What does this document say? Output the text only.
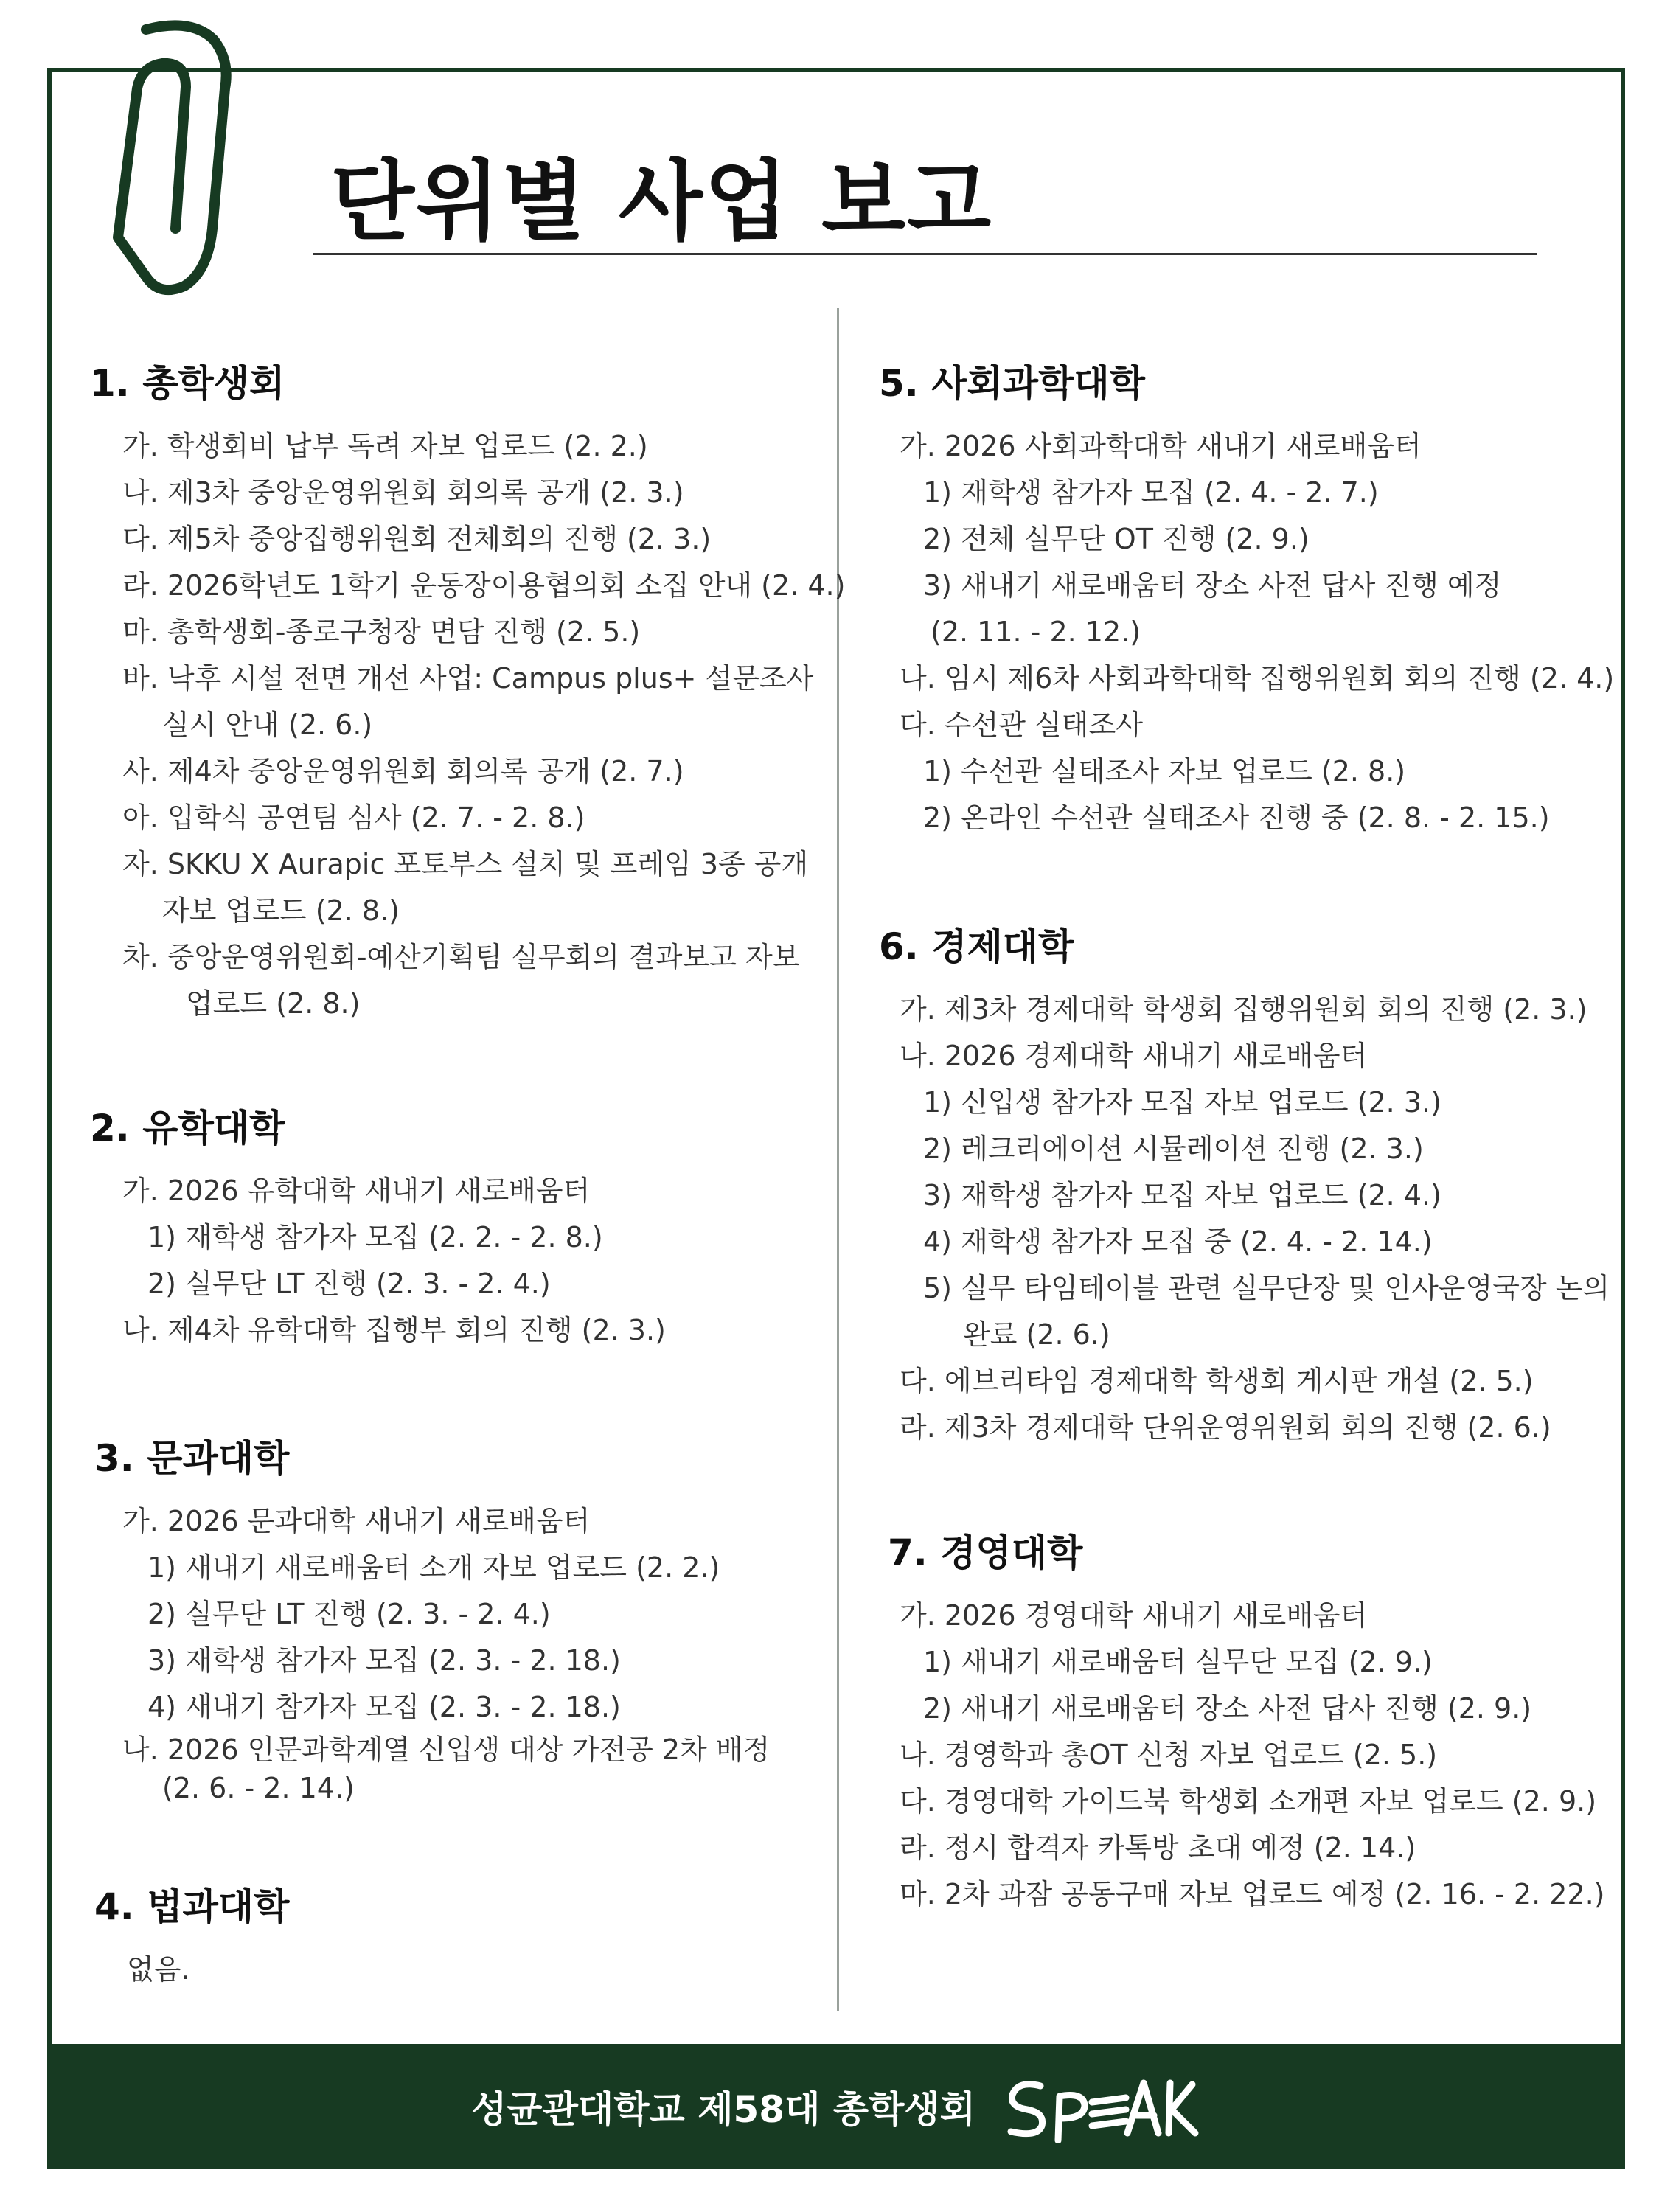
단위별 사업 보고
1. 총학생회
가. 학생회비 납부 독려 자보 업로드 (2. 2.)
나. 제3차 중앙운영위원회 회의록 공개 (2. 3.)
다. 제5차 중앙집행위원회 전체회의 진행 (2. 3.)
라. 2026학년도 1학기 운동장이용협의회 소집 안내 (2. 4.)
마. 총학생회-종로구청장 면담 진행 (2. 5.)
바. 낙후 시설 전면 개선 사업: Campus plus+ 설문조사
실시 안내 (2. 6.)
사. 제4차 중앙운영위원회 회의록 공개 (2. 7.)
아. 입학식 공연팀 심사 (2. 7. - 2. 8.)
자. SKKU X Aurapic 포토부스 설치 및 프레임 3종 공개
자보 업로드 (2. 8.)
차. 중앙운영위원회-예산기획팀 실무회의 결과보고 자보
업로드 (2. 8.)
2. 유학대학
가. 2026 유학대학 새내기 새로배움터
1) 재학생 참가자 모집 (2. 2. - 2. 8.)
2) 실무단 LT 진행 (2. 3. - 2. 4.)
나. 제4차 유학대학 집행부 회의 진행 (2. 3.)
3. 문과대학
가. 2026 문과대학 새내기 새로배움터
1) 새내기 새로배움터 소개 자보 업로드 (2. 2.)
2) 실무단 LT 진행 (2. 3. - 2. 4.)
3) 재학생 참가자 모집 (2. 3. - 2. 18.)
4) 새내기 참가자 모집 (2. 3. - 2. 18.)
나. 2026 인문과학계열 신입생 대상 가전공 2차 배정
(2. 6. - 2. 14.)
4. 법과대학
없음.
5. 사회과학대학
가. 2026 사회과학대학 새내기 새로배움터
1) 재학생 참가자 모집 (2. 4. - 2. 7.)
2) 전체 실무단 OT 진행 (2. 9.)
3) 새내기 새로배움터 장소 사전 답사 진행 예정
(2. 11. - 2. 12.)
나. 임시 제6차 사회과학대학 집행위원회 회의 진행 (2. 4.)
다. 수선관 실태조사
1) 수선관 실태조사 자보 업로드 (2. 8.)
2) 온라인 수선관 실태조사 진행 중 (2. 8. - 2. 15.)
6. 경제대학
가. 제3차 경제대학 학생회 집행위원회 회의 진행 (2. 3.)
나. 2026 경제대학 새내기 새로배움터
1) 신입생 참가자 모집 자보 업로드 (2. 3.)
2) 레크리에이션 시뮬레이션 진행 (2. 3.)
3) 재학생 참가자 모집 자보 업로드 (2. 4.)
4) 재학생 참가자 모집 중 (2. 4. - 2. 14.)
5) 실무 타임테이블 관련 실무단장 및 인사운영국장 논의
완료 (2. 6.)
다. 에브리타임 경제대학 학생회 게시판 개설 (2. 5.)
라. 제3차 경제대학 단위운영위원회 회의 진행 (2. 6.)
7. 경영대학
가. 2026 경영대학 새내기 새로배움터
1) 새내기 새로배움터 실무단 모집 (2. 9.)
2) 새내기 새로배움터 장소 사전 답사 진행 (2. 9.)
나. 경영학과 총OT 신청 자보 업로드 (2. 5.)
다. 경영대학 가이드북 학생회 소개편 자보 업로드 (2. 9.)
라. 정시 합격자 카톡방 초대 예정 (2. 14.)
마. 2차 과잠 공동구매 자보 업로드 예정 (2. 16. - 2. 22.)
성균관대학교 제58대 총학생회
